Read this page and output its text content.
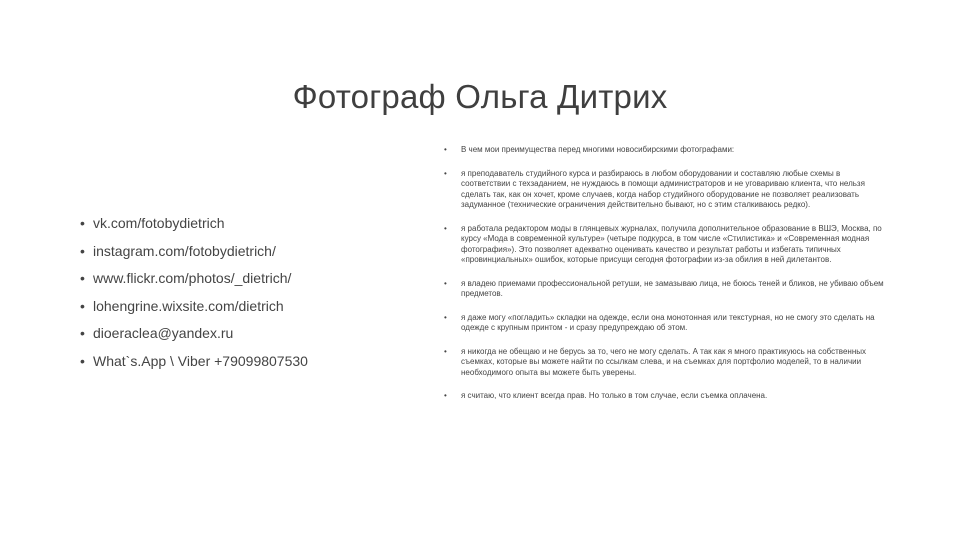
Фотограф Ольга Дитрих
• vk.com/fotobydietrich
• instagram.com/fotobydietrich/
• www.flickr.com/photos/_dietrich/
• lohengrine.wixsite.com/dietrich
• dioeraclea@yandex.ru
• What`s.App \ Viber +79099807530
• В чем мои преимущества перед многими новосибирскими фотографами:
• я преподаватель студийного курса и разбираюсь в любом оборудовании и составляю любые схемы в соответствии с техзаданием, не нуждаюсь в помощи администраторов и не уговариваю клиента, что нельзя сделать так, как он хочет, кроме случаев, когда набор студийного оборудование не позволяет реализовать задуманное (технические ограничения действительно бывают, но с этим сталкиваюсь редко).
• я работала редактором моды в глянцевых журналах, получила дополнительное образование в ВШЭ, Москва, по курсу «Мода в современной культуре» (четыре подкурса, в том числе «Стилистика» и «Современная модная фотография»). Это позволяет адекватно оценивать качество и результат работы и избегать типичных «провинциальных» ошибок, которые присущи сегодня фотографии из-за обилия в ней дилетантов.
• я владею приемами профессиональной ретуши, не замазываю лица, не боюсь теней и бликов, не убиваю объем предметов.
• я даже могу «погладить» складки на одежде, если она монотонная или текстурная, но не смогу это сделать на одежде с крупным принтом - и сразу предупреждаю об этом.
• я никогда не обещаю и не берусь за то, чего не могу сделать. А так как я много практикуюсь на собственных съемках, которые вы можете найти по ссылкам слева, и на съемках для портфолио моделей, то в наличии необходимого опыта вы можете быть уверены.
• я считаю, что клиент всегда прав. Но только в том случае, если съемка оплачена.
